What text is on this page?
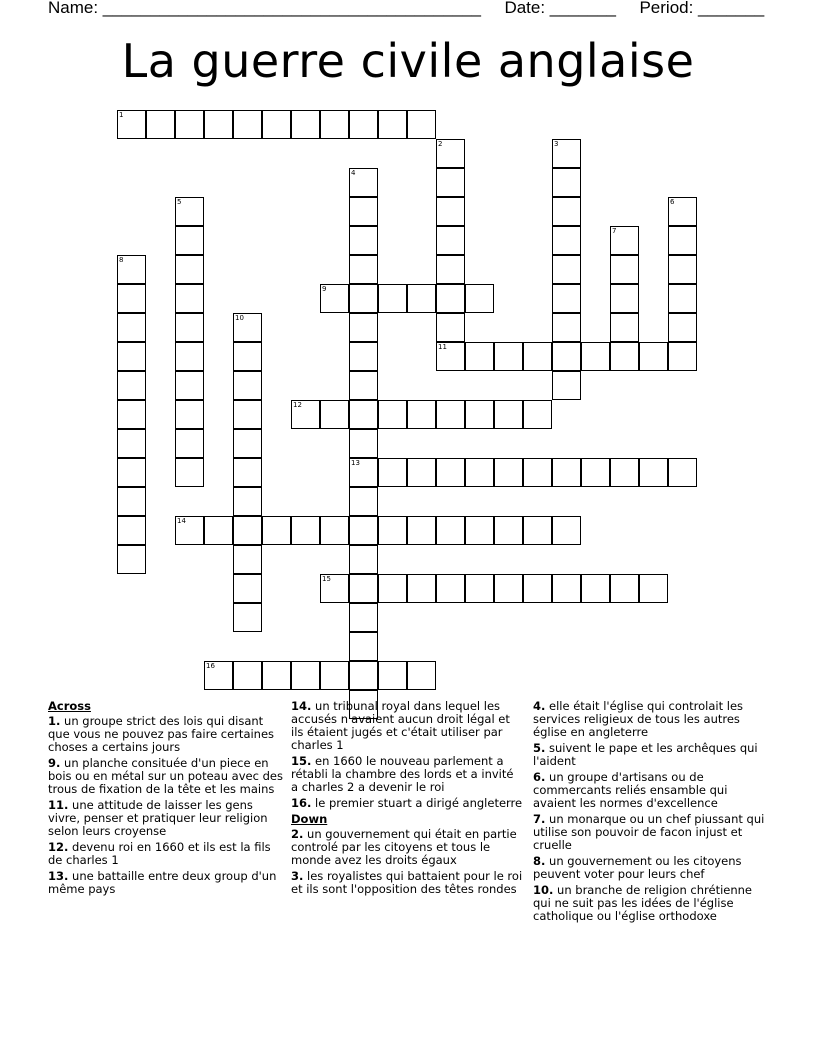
Name: ________________________________________ Date: _______ Period: _______
La guerre civile anglaise
1
2	3
4
5	6
7
8
9
10
11
12
13
14
15
16
Across
1. un groupe strict des lois qui disant que vous ne pouvez pas faire certaines choses a certains jours
9. un planche consituée d'un piece en bois ou en métal sur un poteau avec des trous de fixation de la tête et les mains
11. une attitude de laisser les gens vivre, penser et pratiquer leur religion selon leurs croyense
12. devenu roi en 1660 et ils est la fils de charles 1
13. une battaille entre deux group d'un même pays
14. un tribunal royal dans lequel les accusés n'avaient aucun droit légal et ils étaient jugés et c'était utiliser par charles 1
15. en 1660 le nouveau parlement a rétabli la chambre des lords et a invité a charles 2 a devenir le roi
16. le premier stuart a dirigé angleterre
Down
2. un gouvernement qui était en partie controlé par les citoyens et tous le monde avez les droits égaux
3. les royalistes qui battaient pour le roi et ils sont l'opposition des têtes rondes
4. elle était l'église qui controlait les services religieux de tous les autres église en angleterre
5. suivent le pape et les archêques qui l'aident
6. un groupe d'artisans ou de commercants reliés ensamble qui avaient les normes d'excellence
7. un monarque ou un chef piussant qui utilise son pouvoir de facon injust et cruelle
8. un gouvernement ou les citoyens peuvent voter pour leurs chef
10. un branche de religion chrétienne qui ne suit pas les idées de l'église catholique ou l'église orthodoxe
